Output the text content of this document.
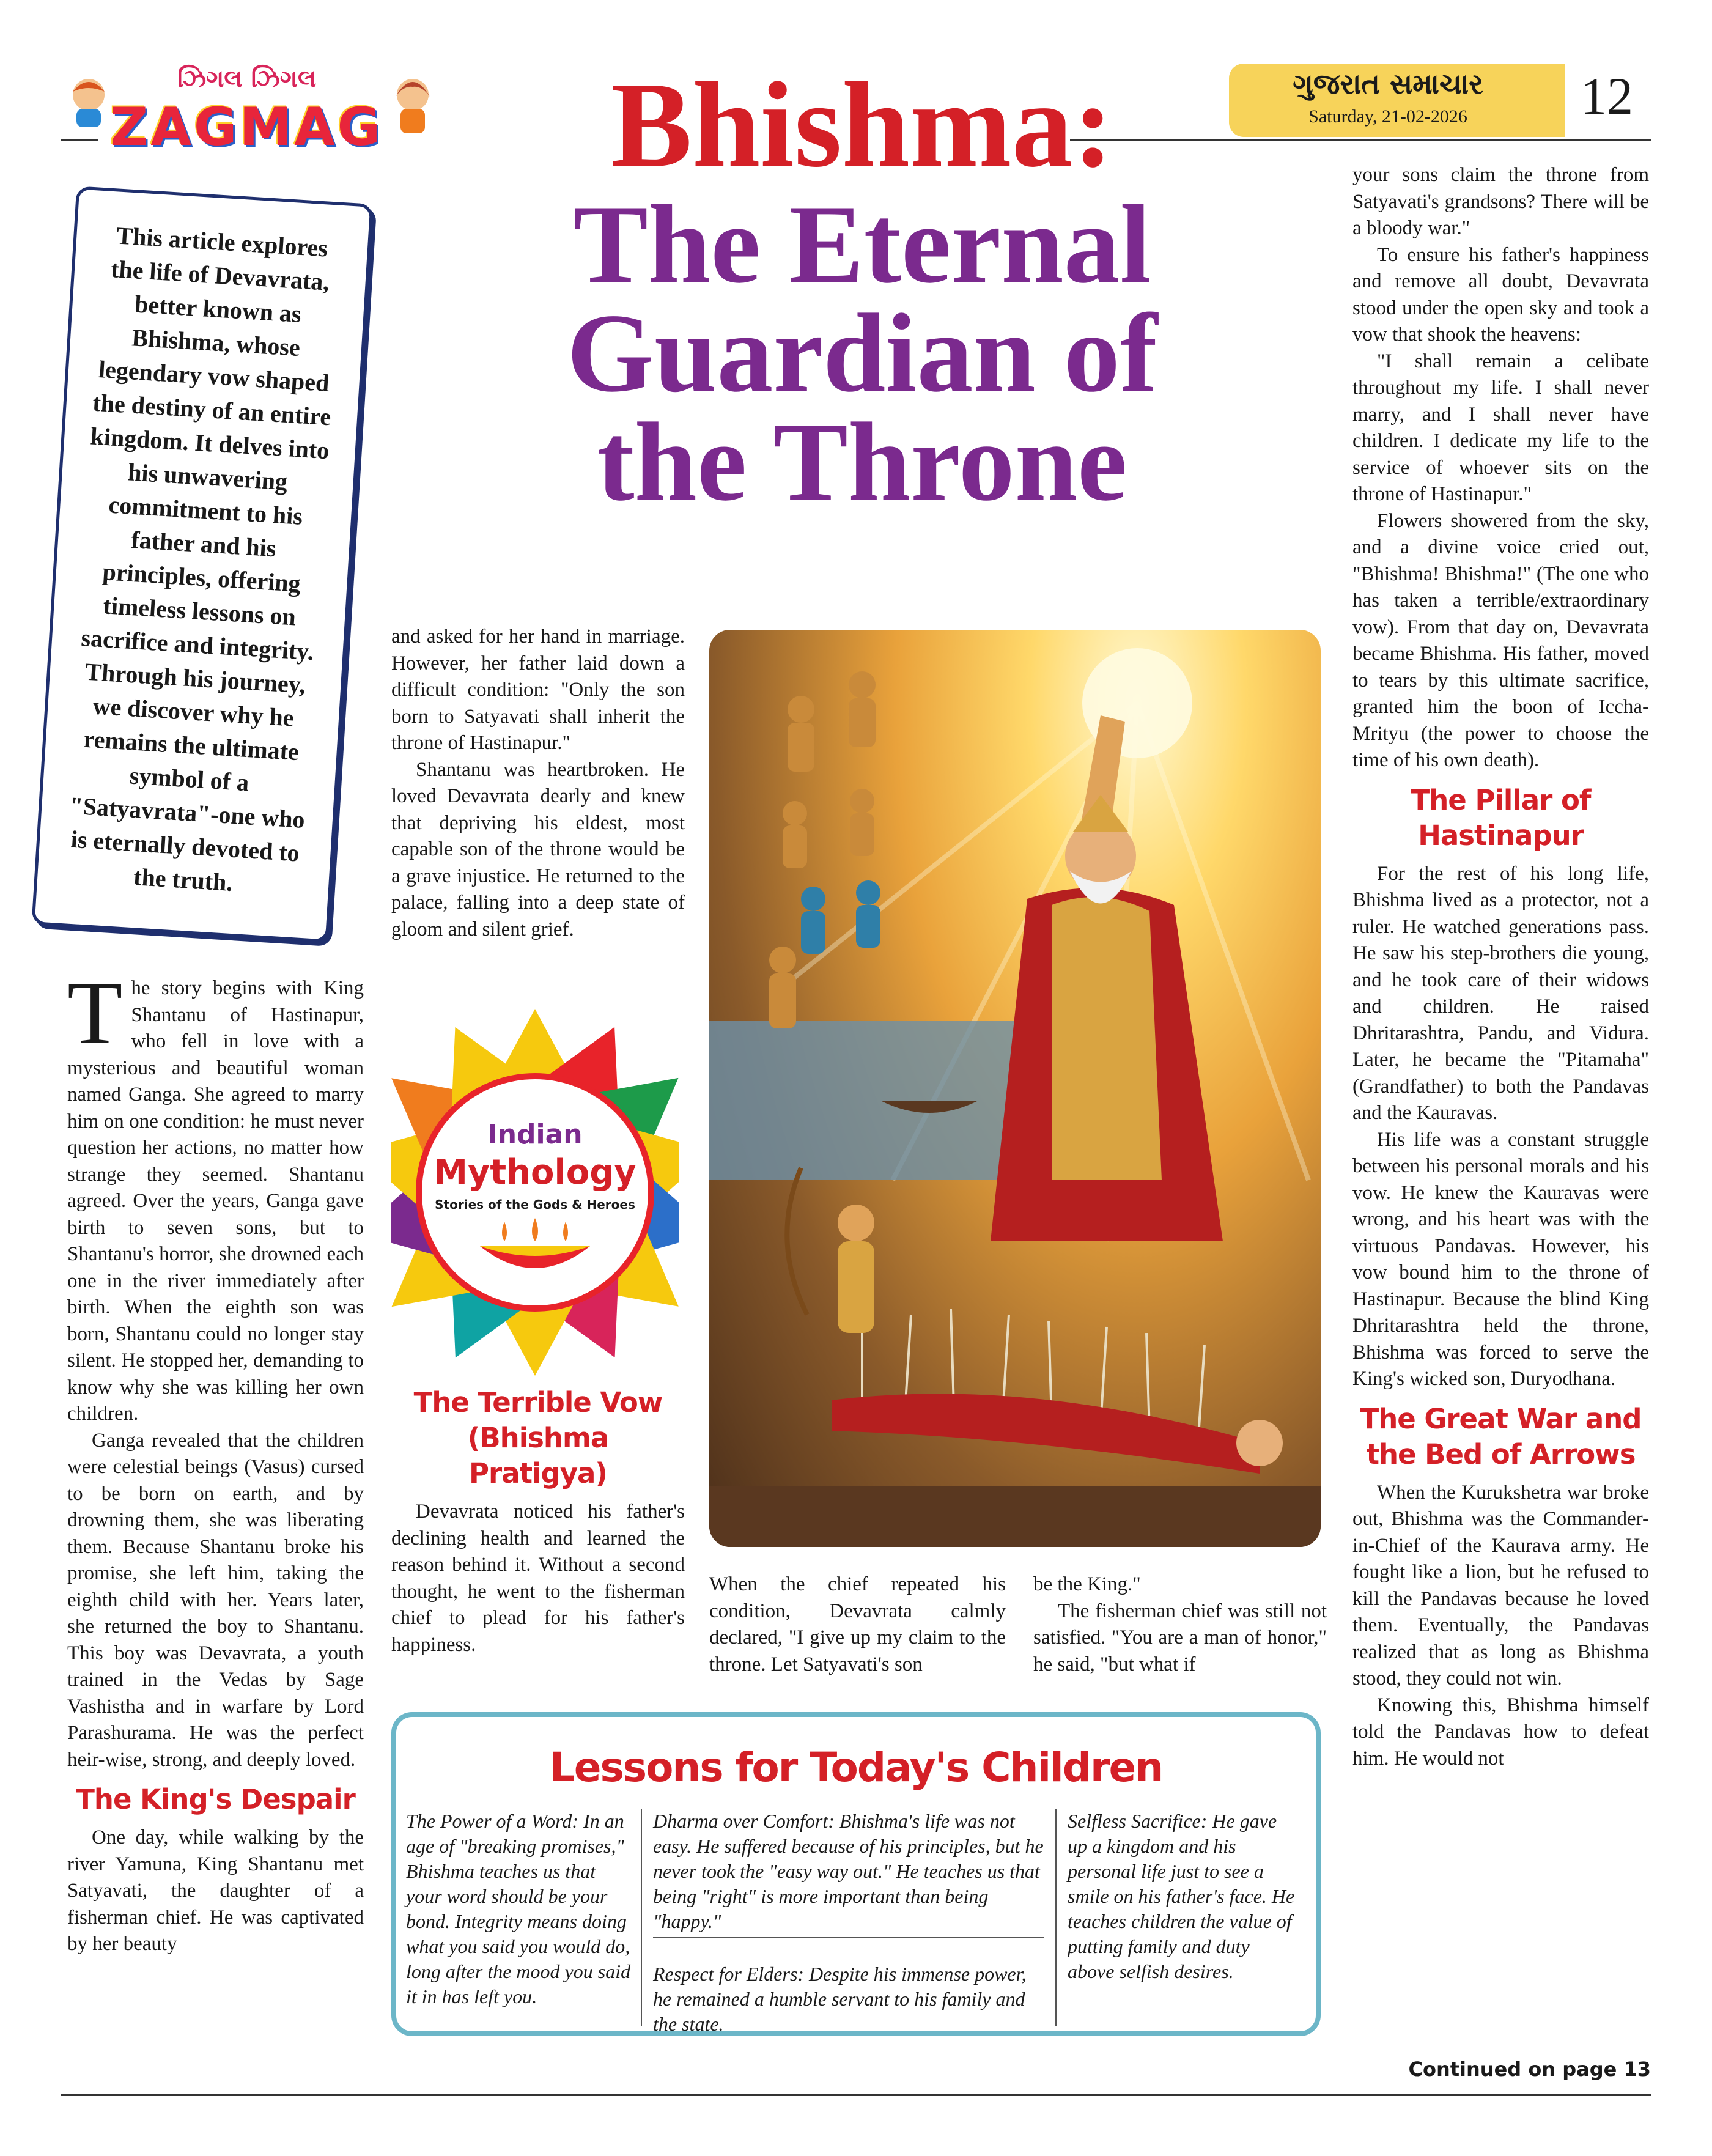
ઝિગલ ઝિગલ
ZAGMAG
ગુજરાત સમાચાર
Saturday, 21-02-2026	12

Bhishma:

The Eternal

Guardian of

the Throne

This article explores the life of Devavrata, better known as Bhishma, whose legendary vow shaped the destiny of an entire kingdom. It delves into his unwavering commitment to his father and his principles, offering timeless lessons on sacrifice and integrity. Through his journey, we discover why he remains the ultimate symbol of a "Satyavrata"-one who is eternally devoted to the truth.

T he story begins with King Shantanu of Hastinapur, who fell in love with a mysterious and beautiful woman named Ganga. She agreed to marry him on one condition: he must never question her actions, no matter how strange they seemed. Shantanu agreed. Over the years, Ganga gave birth to seven sons, but to Shantanu's horror, she drowned each one in the river immediately after birth. When the eighth son was born, Shantanu could no longer stay silent. He stopped her, demanding to know why she was killing her own children.

Ganga revealed that the children were celestial beings (Vasus) cursed to be born on earth, and by drowning them, she was liberating them. Because Shantanu broke his promise, she left him, taking the eighth child with her. Years later, she returned the boy to Shantanu. This boy was Devavrata, a youth trained in the Vedas by Sage Vashistha and in warfare by Lord Parashurama. He was the perfect heir-wise, strong, and deeply loved.

The King's Despair

One day, while walking by the river Yamuna, King Shantanu met Satyavati, the daughter of a fisherman chief. He was captivated by her beauty

and asked for her hand in marriage. However, her father laid down a difficult condition: "Only the son born to Satyavati shall inherit the throne of Hastinapur."

Shantanu was heartbroken. He loved Devavrata dearly and knew that depriving his eldest, most capable son of the throne would be a grave injustice. He returned to the palace, falling into a deep state of gloom and silent grief.

Indian
Mythology
Stories of the Gods & Heroes
The Terrible Vow (Bhishma Pratigya)

Devavrata noticed his father's declining health and learned the reason behind it. Without a second thought, he went to the fisherman chief to plead for his father's happiness.

When the chief repeated his condition, Devavrata calmly declared, "I give up my claim to the throne. Let Satyavati's son

be the King."

The fisherman chief was still not satisfied. "You are a man of honor," he said, "but what if

your sons claim the throne from Satyavati's grandsons? There will be a bloody war."

To ensure his father's happiness and remove all doubt, Devavrata stood under the open sky and took a vow that shook the heavens:

"I shall remain a celibate throughout my life. I shall never marry, and I shall never have children. I dedicate my life to the service of whoever sits on the throne of Hastinapur."

Flowers showered from the sky, and a divine voice cried out, "Bhishma! Bhishma!" (The one who has taken a terrible/extraordinary vow). From that day on, Devavrata became Bhishma. His father, moved to tears by this ultimate sacrifice, granted him the boon of Iccha-Mrityu (the power to choose the time of his own death).

The Pillar of Hastinapur

For the rest of his long life, Bhishma lived as a protector, not a ruler. He watched generations pass. He saw his step-brothers die young, and he took care of their widows and children. He raised Dhritarashtra, Pandu, and Vidura. Later, he became the "Pitamaha" (Grandfather) to both the Pandavas and the Kauravas.

His life was a constant struggle between his personal morals and his vow. He knew the Kauravas were wrong, and his heart was with the virtuous Pandavas. However, his vow bound him to the throne of Hastinapur. Because the blind King Dhritarashtra held the throne, Bhishma was forced to serve the King's wicked son, Duryodhana.

The Great War and the Bed of Arrows

When the Kurukshetra war broke out, Bhishma was the Commander-in-Chief of the Kaurava army. He fought like a lion, but he refused to kill the Pandavas because he loved them. Eventually, the Pandavas realized that as long as Bhishma stood, they could not win.

Knowing this, Bhishma himself told the Pandavas how to defeat him. He would not

Lessons for Today's Children
The Power of a Word: In an age of "breaking promises," Bhishma teaches us that your word should be your bond. Integrity means doing what you said you would do, long after the mood you said it in has left you.
Dharma over Comfort: Bhishma's life was not easy. He suffered because of his principles, but he never took the "easy way out." He teaches us that being "right" is more important than being "happy."
Respect for Elders: Despite his immense power, he remained a humble servant to his family and the state.
Selfless Sacrifice: He gave up a kingdom and his personal life just to see a smile on his father's face. He teaches children the value of putting family and duty above selfish desires.
Continued on page 13
